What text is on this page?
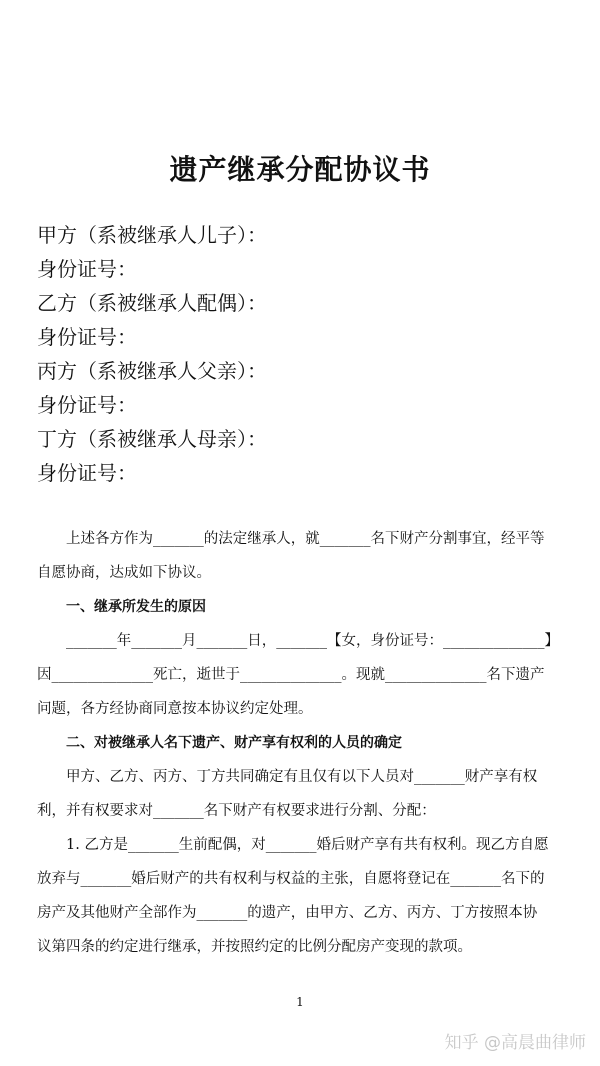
遗产继承分配协议书
甲方（系被继承人儿子）：
身份证号：
乙方（系被继承人配偶）：
身份证号：
丙方（系被继承人父亲）：
身份证号：
丁方（系被继承人母亲）：
身份证号：
上述各方作为_______的法定继承人，就_______名下财产分割事宜，经平等
自愿协商，达成如下协议。
一、继承所发生的原因
_______年_______月_______日，_______【女，身份证号：______________】
因______________死亡，逝世于______________。现就______________名下遗产
问题，各方经协商同意按本协议约定处理。
二、对被继承人名下遗产、财产享有权利的人员的确定
甲方、乙方、丙方、丁方共同确定有且仅有以下人员对_______财产享有权
利，并有权要求对_______名下财产有权要求进行分割、分配：
1. 乙方是_______生前配偶，对_______婚后财产享有共有权利。现乙方自愿
放弃与_______婚后财产的共有权利与权益的主张，自愿将登记在_______名下的
房产及其他财产全部作为_______的遗产，由甲方、乙方、丙方、丁方按照本协
议第四条的约定进行继承，并按照约定的比例分配房产变现的款项。
1
知乎 @高晨曲律师
